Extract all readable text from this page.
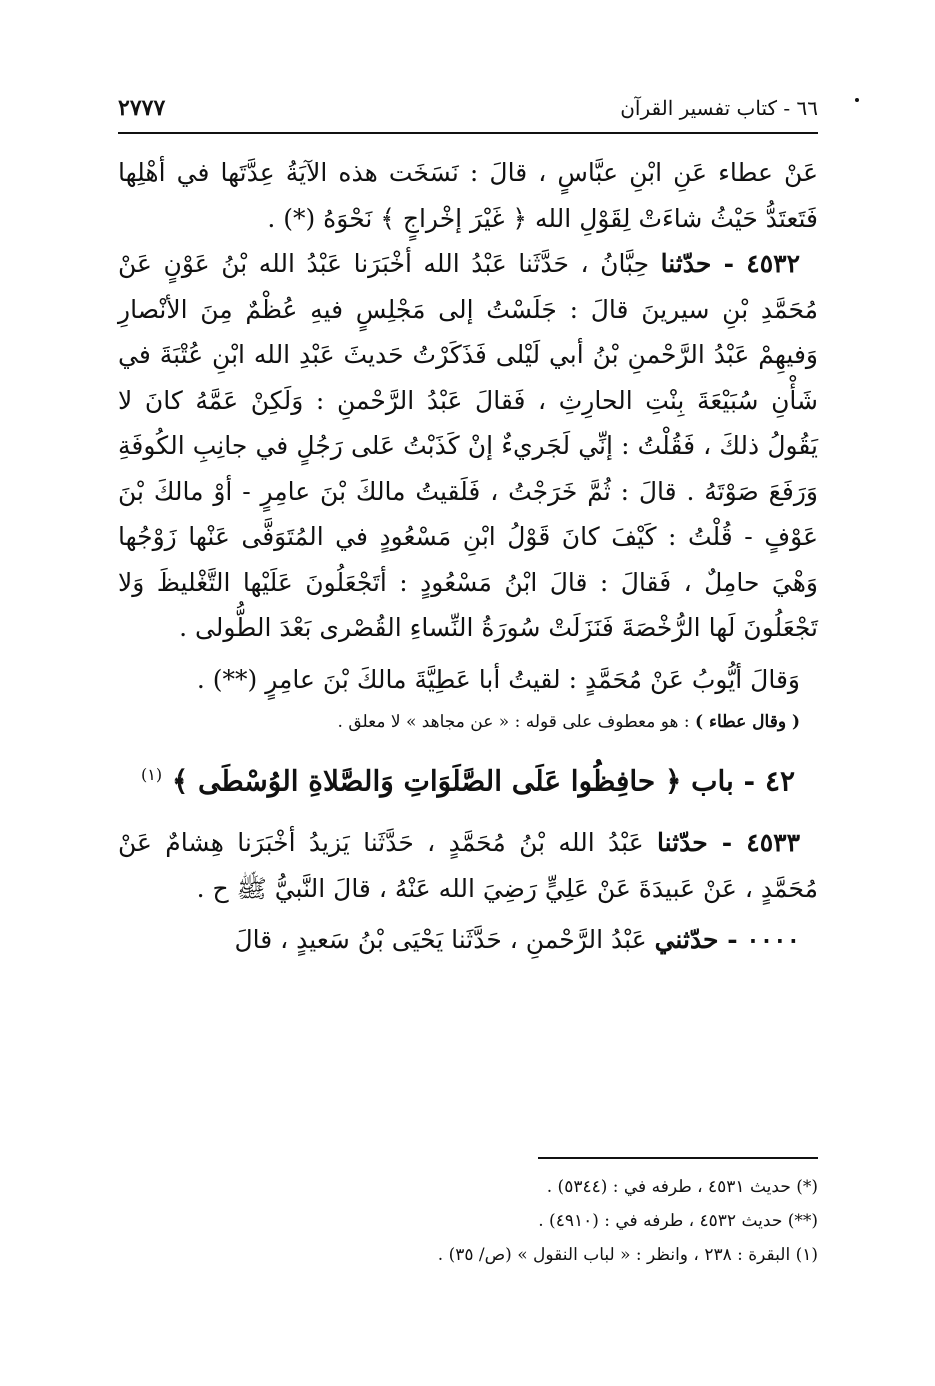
٦٦ - كتاب تفسير القرآن
٢٧٧٧

عَنْ عطاء عَنِ ابْنِ عبَّاسٍ ، قالَ : نَسَخَت هذه الآيَةُ عِدَّتَها في أهْلِها فَتَعتَدُّ حَيْثُ شاءَتْ لِقَوْلِ الله ﴿ غَيْرَ إخْراجٍ ﴾ نَحْوَهُ (*) .

٤٥٣٢ - حدّثنا حِبَّانُ ، حَدَّثَنا عَبْدُ الله أخْبَرَنا عَبْدُ الله بْنُ عَوْنٍ عَنْ مُحَمَّدِ بْنِ سيرينَ قالَ : جَلَسْتُ إلى مَجْلِسٍ فيهِ عُظْمٌ مِنَ الأنْصارِ وَفيهِمْ عَبْدُ الرَّحْمنِ بْنُ أبي لَيْلى فَذَكَرْتُ حَديثَ عَبْدِ الله ابْنِ عُتْبَةَ في شَأْنِ سُبَيْعَةَ بِنْتِ الحارِثِ ، فَقالَ عَبْدُ الرَّحْمنِ : وَلَكِنْ عَمَّهُ كانَ لا يَقُولُ ذلكَ ، فَقُلْتُ : إنِّي لَجَريءٌ إنْ كَذَبْتُ عَلى رَجُلٍ في جانِبِ الكُوفَةِ وَرَفَعَ صَوْتَهُ . قالَ : ثُمَّ خَرَجْتُ ، فَلَقيتُ مالكَ بْنَ عامِرٍ - أوْ مالكَ بْنَ عَوْفٍ - قُلْتُ : كَيْفَ كانَ قَوْلُ ابْنِ مَسْعُودٍ في المُتَوَفَّى عَنْها زَوْجُها وَهْيَ حامِلٌ ، فَقالَ : قالَ ابْنُ مَسْعُودٍ : أتَجْعَلُونَ عَلَيْها التَّغْليظَ وَلا تَجْعَلُونَ لَها الرُّخْصَةَ فَنَزَلَتْ سُورَةُ النِّساءِ القُصْرى بَعْدَ الطُّولى .

وَقالَ أيُّوبُ عَنْ مُحَمَّدٍ : لقيتُ أبا عَطِيَّةَ مالكَ بْنَ عامِرٍ (**) .

( وقال عطاء ) : هو معطوف على قوله : « عن مجاهد » لا معلق .

٤٢ - باب ﴿ حافِظُوا عَلَى الصَّلَوَاتِ وَالصَّلاةِ الوُسْطَى ﴾ $^{(١)}$

٤٥٣٣ - حدّثنا عَبْدُ الله بْنُ مُحَمَّدٍ ، حَدَّثَنا يَزيدُ أخْبَرَنا هِشامٌ عَنْ مُحَمَّدٍ ، عَنْ عَبيدَةَ عَنْ عَلِيٍّ رَضِيَ الله عَنْهُ ، قالَ النَّبيُّ ﷺ ح .

٠٠٠٠ - حدّثني عَبْدُ الرَّحْمنِ ، حَدَّثَنا يَحْيَى بْنُ سَعيدٍ ، قالَ

(*) حديث ٤٥٣١ ، طرفه في : (٥٣٤٤) .
(**) حديث ٤٥٣٢ ، طرفه في : (٤٩١٠) .
(١) البقرة : ٢٣٨ ، وانظر : « لباب النقول » (ص/ ٣٥) .
